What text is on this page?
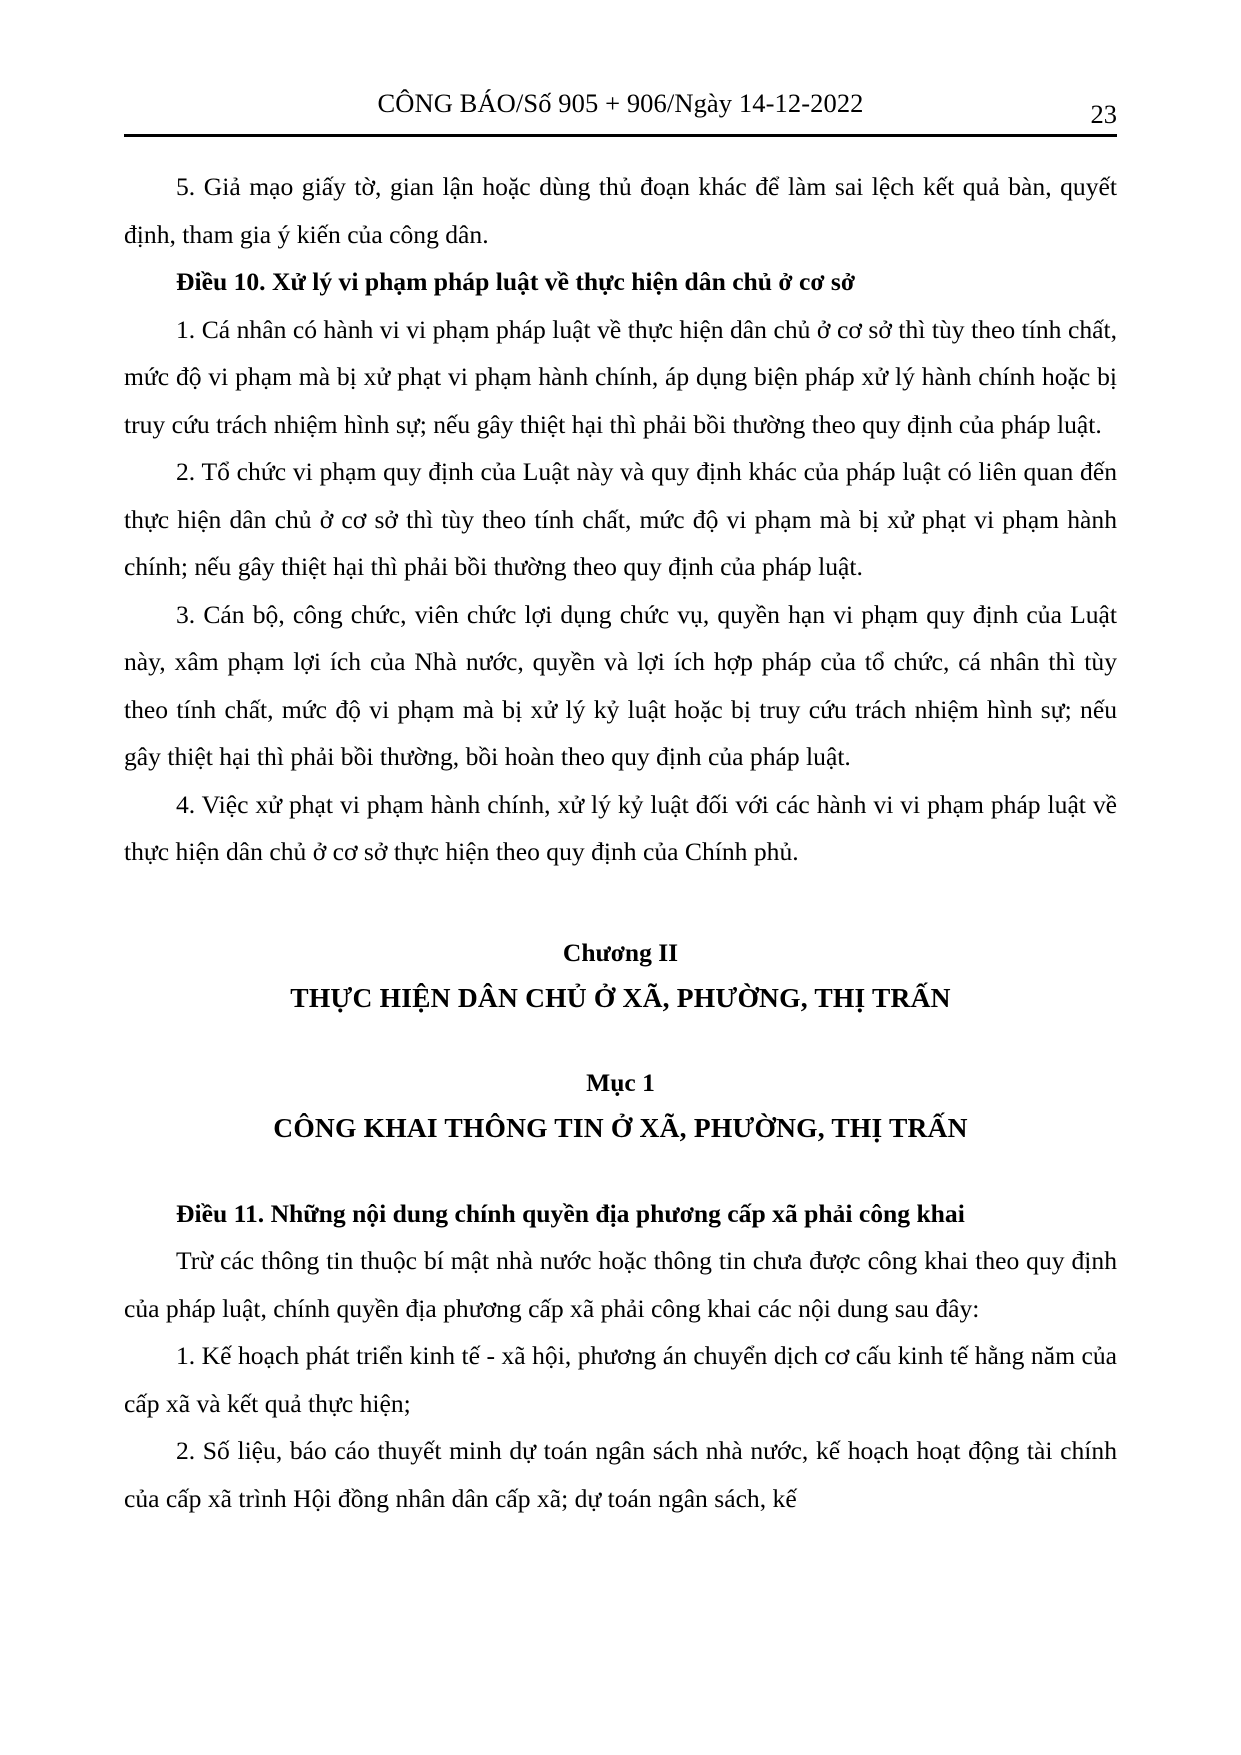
CÔNG BÁO/Số 905 + 906/Ngày 14-12-2022	23

5. Giả mạo giấy tờ, gian lận hoặc dùng thủ đoạn khác để làm sai lệch kết quả bàn, quyết định, tham gia ý kiến của công dân.

Điều 10. Xử lý vi phạm pháp luật về thực hiện dân chủ ở cơ sở

1. Cá nhân có hành vi vi phạm pháp luật về thực hiện dân chủ ở cơ sở thì tùy theo tính chất, mức độ vi phạm mà bị xử phạt vi phạm hành chính, áp dụng biện pháp xử lý hành chính hoặc bị truy cứu trách nhiệm hình sự; nếu gây thiệt hại thì phải bồi thường theo quy định của pháp luật.

2. Tổ chức vi phạm quy định của Luật này và quy định khác của pháp luật có liên quan đến thực hiện dân chủ ở cơ sở thì tùy theo tính chất, mức độ vi phạm mà bị xử phạt vi phạm hành chính; nếu gây thiệt hại thì phải bồi thường theo quy định của pháp luật.

3. Cán bộ, công chức, viên chức lợi dụng chức vụ, quyền hạn vi phạm quy định của Luật này, xâm phạm lợi ích của Nhà nước, quyền và lợi ích hợp pháp của tổ chức, cá nhân thì tùy theo tính chất, mức độ vi phạm mà bị xử lý kỷ luật hoặc bị truy cứu trách nhiệm hình sự; nếu gây thiệt hại thì phải bồi thường, bồi hoàn theo quy định của pháp luật.

4. Việc xử phạt vi phạm hành chính, xử lý kỷ luật đối với các hành vi vi phạm pháp luật về thực hiện dân chủ ở cơ sở thực hiện theo quy định của Chính phủ.

Chương II

THỰC HIỆN DÂN CHỦ Ở XÃ, PHƯỜNG, THỊ TRẤN

Mục 1

CÔNG KHAI THÔNG TIN Ở XÃ, PHƯỜNG, THỊ TRẤN

Điều 11. Những nội dung chính quyền địa phương cấp xã phải công khai

Trừ các thông tin thuộc bí mật nhà nước hoặc thông tin chưa được công khai theo quy định của pháp luật, chính quyền địa phương cấp xã phải công khai các nội dung sau đây:

1. Kế hoạch phát triển kinh tế - xã hội, phương án chuyển dịch cơ cấu kinh tế hằng năm của cấp xã và kết quả thực hiện;

2. Số liệu, báo cáo thuyết minh dự toán ngân sách nhà nước, kế hoạch hoạt động tài chính của cấp xã trình Hội đồng nhân dân cấp xã; dự toán ngân sách, kế
